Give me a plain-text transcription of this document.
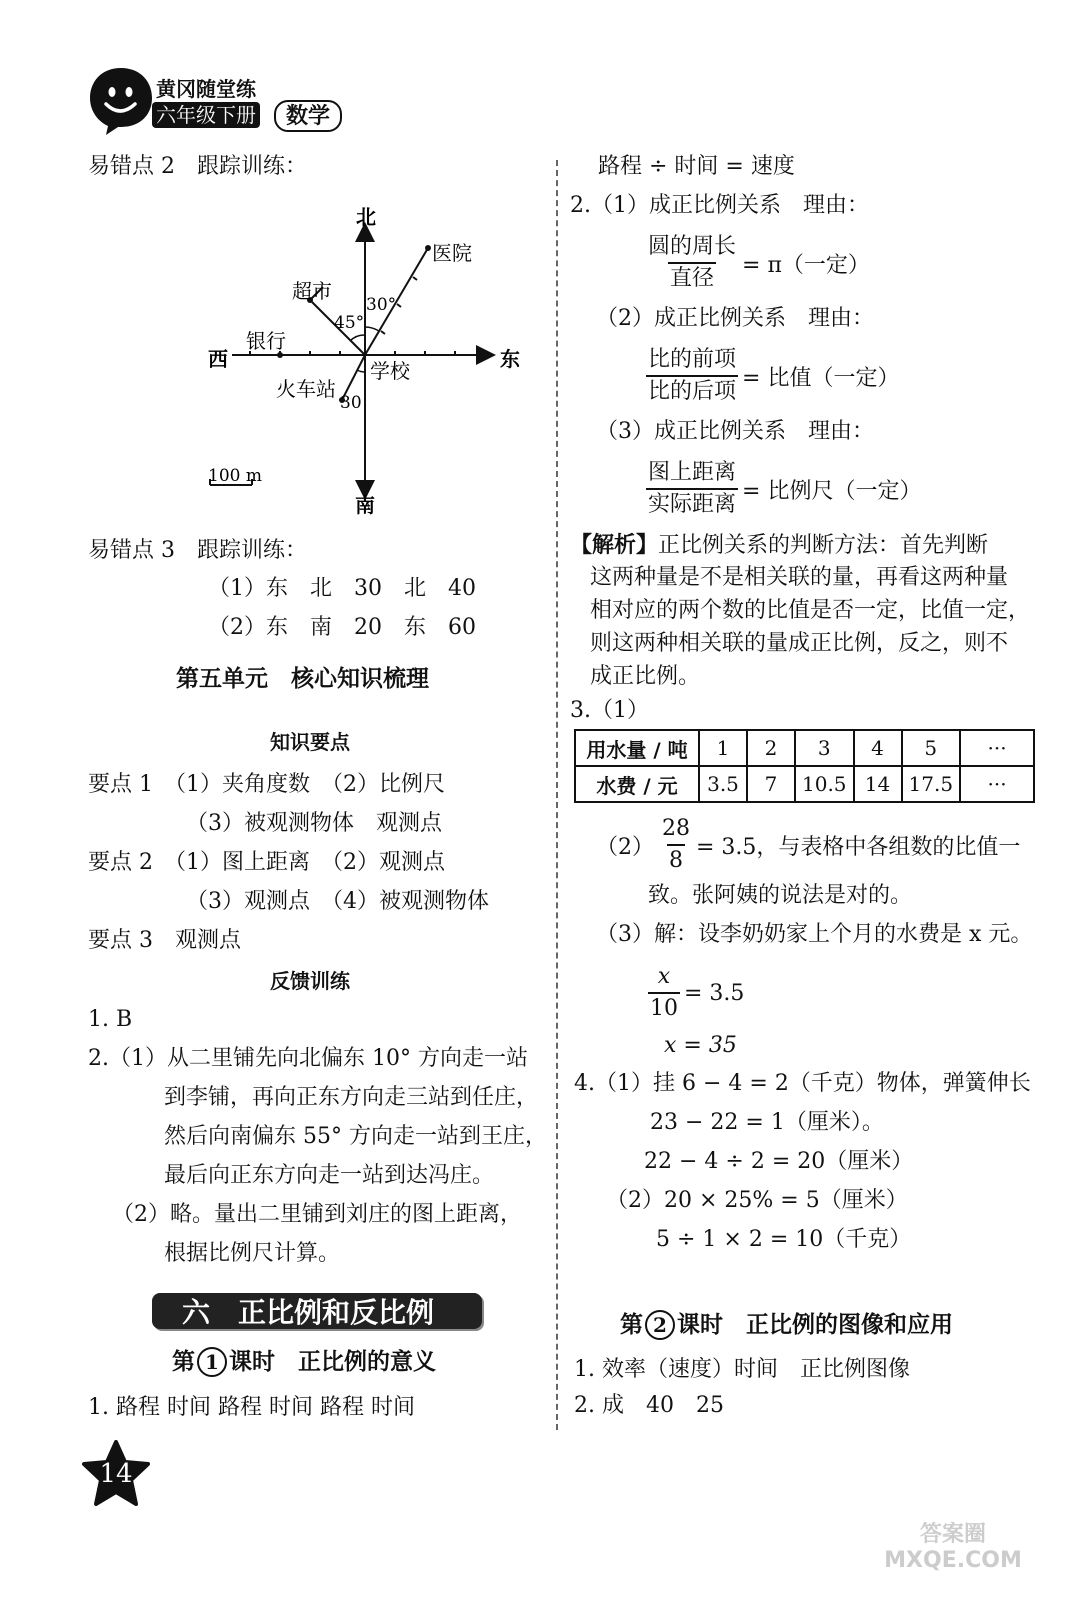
黄冈随堂练
六年级下册	数学
易错点 2　跟踪训练：
北
南
东
西
医院
超市
银行
学校
火车站
45°
30°
30
100 m
易错点 3　跟踪训练：
（1）东　北　30　北　40
（2）东　南　20　东　60
第五单元　核心知识梳理
知识要点
要点 1　（1）夹角度数　（2）比例尺
（3）被观测物体　观测点
要点 2　（1）图上距离　（2）观测点
（3）观测点　（4）被观测物体
要点 3　观测点
反馈训练
1. B
2.（1）从二里铺先向北偏东 10° 方向走一站
到李铺，再向正东方向走三站到任庄，
然后向南偏东 55° 方向走一站到王庄，
最后向正东方向走一站到达冯庄。
（2）略。量出二里铺到刘庄的图上距离，
根据比例尺计算。
六　正比例和反比例
第 1 课时　正比例的意义
1. 路程 时间 路程 时间 路程 时间
路程 ÷ 时间 = 速度
2.（1）成正比例关系　理由：
$\frac{\text{圆的周长}}{\text{直径}} = \pi$（一定）
（2）成正比例关系　理由：
$\frac{\text{比的前项}}{\text{比的后项}}$ = 比值（一定）
（3）成正比例关系　理由：
$\frac{\text{图上距离}}{\text{实际距离}}$ = 比例尺（一定）
【解析】正比例关系的判断方法：首先判断
这两种量是不是相关联的量，再看这两种量
相对应的两个数的比值是否一定，比值一定，
则这两种相关联的量成正比例，反之，则不
成正比例。
3.（1）
用水量 / 吨	1	2	3	4	5	···
水费 / 元	3.5	7	10.5	14	17.5	···
$(2) \frac{28}{8} = 3.5$，与表格中各组数的比值一
致。张阿姨的说法是对的。
（3）解：设李奶奶家上个月的水费是 x 元。
$\frac{x}{10} = 3.5$
x = 35
4.（1）挂 6 − 4 = 2（千克）物体，弹簧伸长
23 − 22 = 1（厘米）。
22 − 4 ÷ 2 = 20（厘米）
（2）20 × 25% = 5（厘米）
5 ÷ 1 × 2 = 10（千克）
第 2 课时　正比例的图像和应用
1. 效率（速度）时间　正比例图像
2. 成　40　25
14
答案圈 MXQE.COM
